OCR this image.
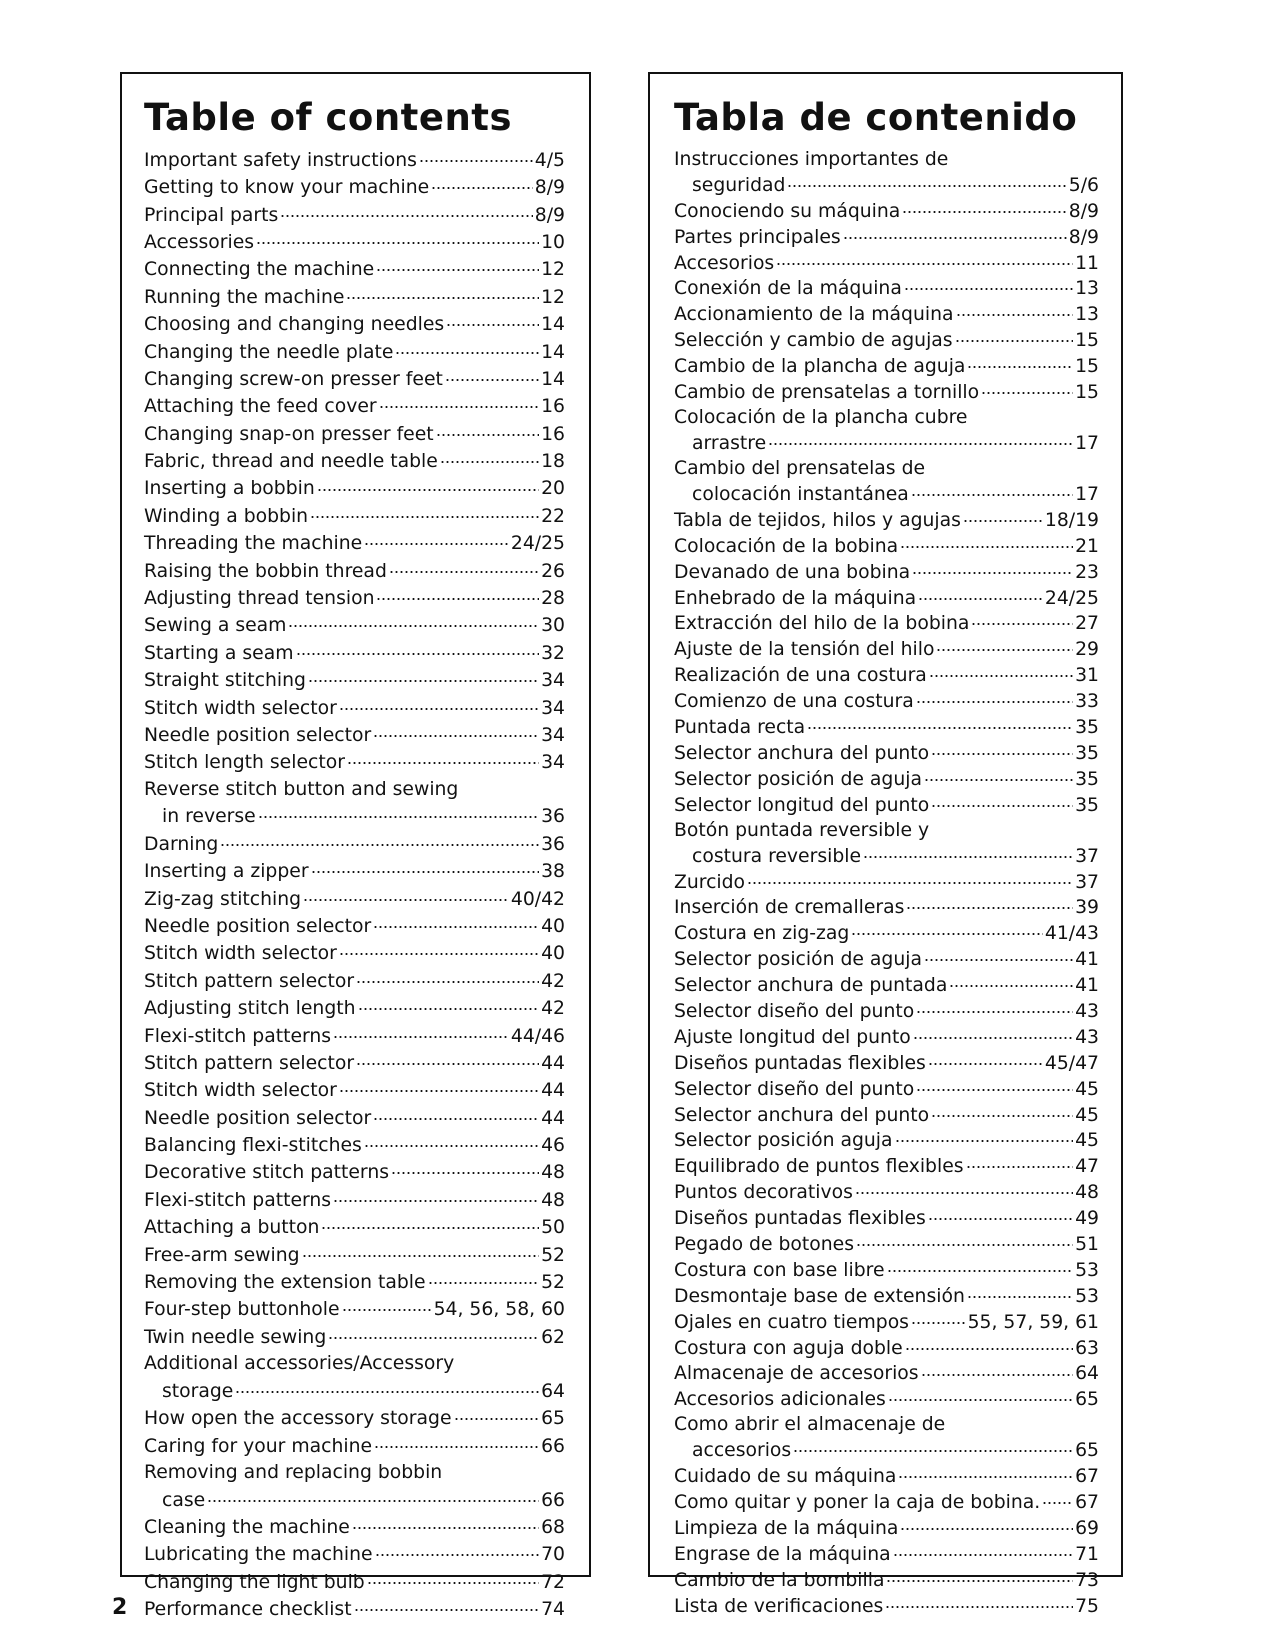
Table of contents
Important safety instructions	4/5
Getting to know your machine	8/9
Principal parts	8/9
Accessories	10
Connecting the machine	12
Running the machine	12
Choosing and changing needles	14
Changing the needle plate	14
Changing screw-on presser feet	14
Attaching the feed cover	16
Changing snap-on presser feet	16
Fabric, thread and needle table	18
Inserting a bobbin	20
Winding a bobbin	22
Threading the machine	24/25
Raising the bobbin thread	26
Adjusting thread tension	28
Sewing a seam	30
Starting a seam	32
Straight stitching	34
Stitch width selector	34
Needle position selector	34
Stitch length selector	34
Reverse stitch button and sewing
in reverse	36
Darning	36
Inserting a zipper	38
Zig-zag stitching	40/42
Needle position selector	40
Stitch width selector	40
Stitch pattern selector	42
Adjusting stitch length	42
Flexi-stitch patterns	44/46
Stitch pattern selector	44
Stitch width selector	44
Needle position selector	44
Balancing flexi-stitches	46
Decorative stitch patterns	48
Flexi-stitch patterns	48
Attaching a button	50
Free-arm sewing	52
Removing the extension table	52
Four-step buttonhole	54, 56, 58, 60
Twin needle sewing	62
Additional accessories/Accessory
storage	64
How open the accessory storage	65
Caring for your machine	66
Removing and replacing bobbin
case	66
Cleaning the machine	68
Lubricating the machine	70
Changing the light bulb	72
Performance checklist	74
Tabla de contenido
Instrucciones importantes de
seguridad	5/6
Conociendo su máquina	8/9
Partes principales	8/9
Accesorios	11
Conexión de la máquina	13
Accionamiento de la máquina	13
Selección y cambio de agujas	15
Cambio de la plancha de aguja	15
Cambio de prensatelas a tornillo	15
Colocación de la plancha cubre
arrastre	17
Cambio del prensatelas de
colocación instantánea	17
Tabla de tejidos, hilos y agujas	18/19
Colocación de la bobina	21
Devanado de una bobina	23
Enhebrado de la máquina	24/25
Extracción del hilo de la bobina	27
Ajuste de la tensión del hilo	29
Realización de una costura	31
Comienzo de una costura	33
Puntada recta	35
Selector anchura del punto	35
Selector posición de aguja	35
Selector longitud del punto	35
Botón puntada reversible y
costura reversible	37
Zurcido	37
Inserción de cremalleras	39
Costura en zig-zag	41/43
Selector posición de aguja	41
Selector anchura de puntada	41
Selector diseño del punto	43
Ajuste longitud del punto	43
Diseños puntadas flexibles	45/47
Selector diseño del punto	45
Selector anchura del punto	45
Selector posición aguja	45
Equilibrado de puntos flexibles	47
Puntos decorativos	48
Diseños puntadas flexibles	49
Pegado de botones	51
Costura con base libre	53
Desmontaje base de extensión	53
Ojales en cuatro tiempos	55, 57, 59, 61
Costura con aguja doble	63
Almacenaje de accesorios	64
Accesorios adicionales	65
Como abrir el almacenaje de
accesorios	65
Cuidado de su máquina	67
Como quitar y poner la caja de bobina. 67
Limpieza de la máquina	69
Engrase de la máquina	71
Cambio de la bombilla	73
Lista de verificaciones	75
2
